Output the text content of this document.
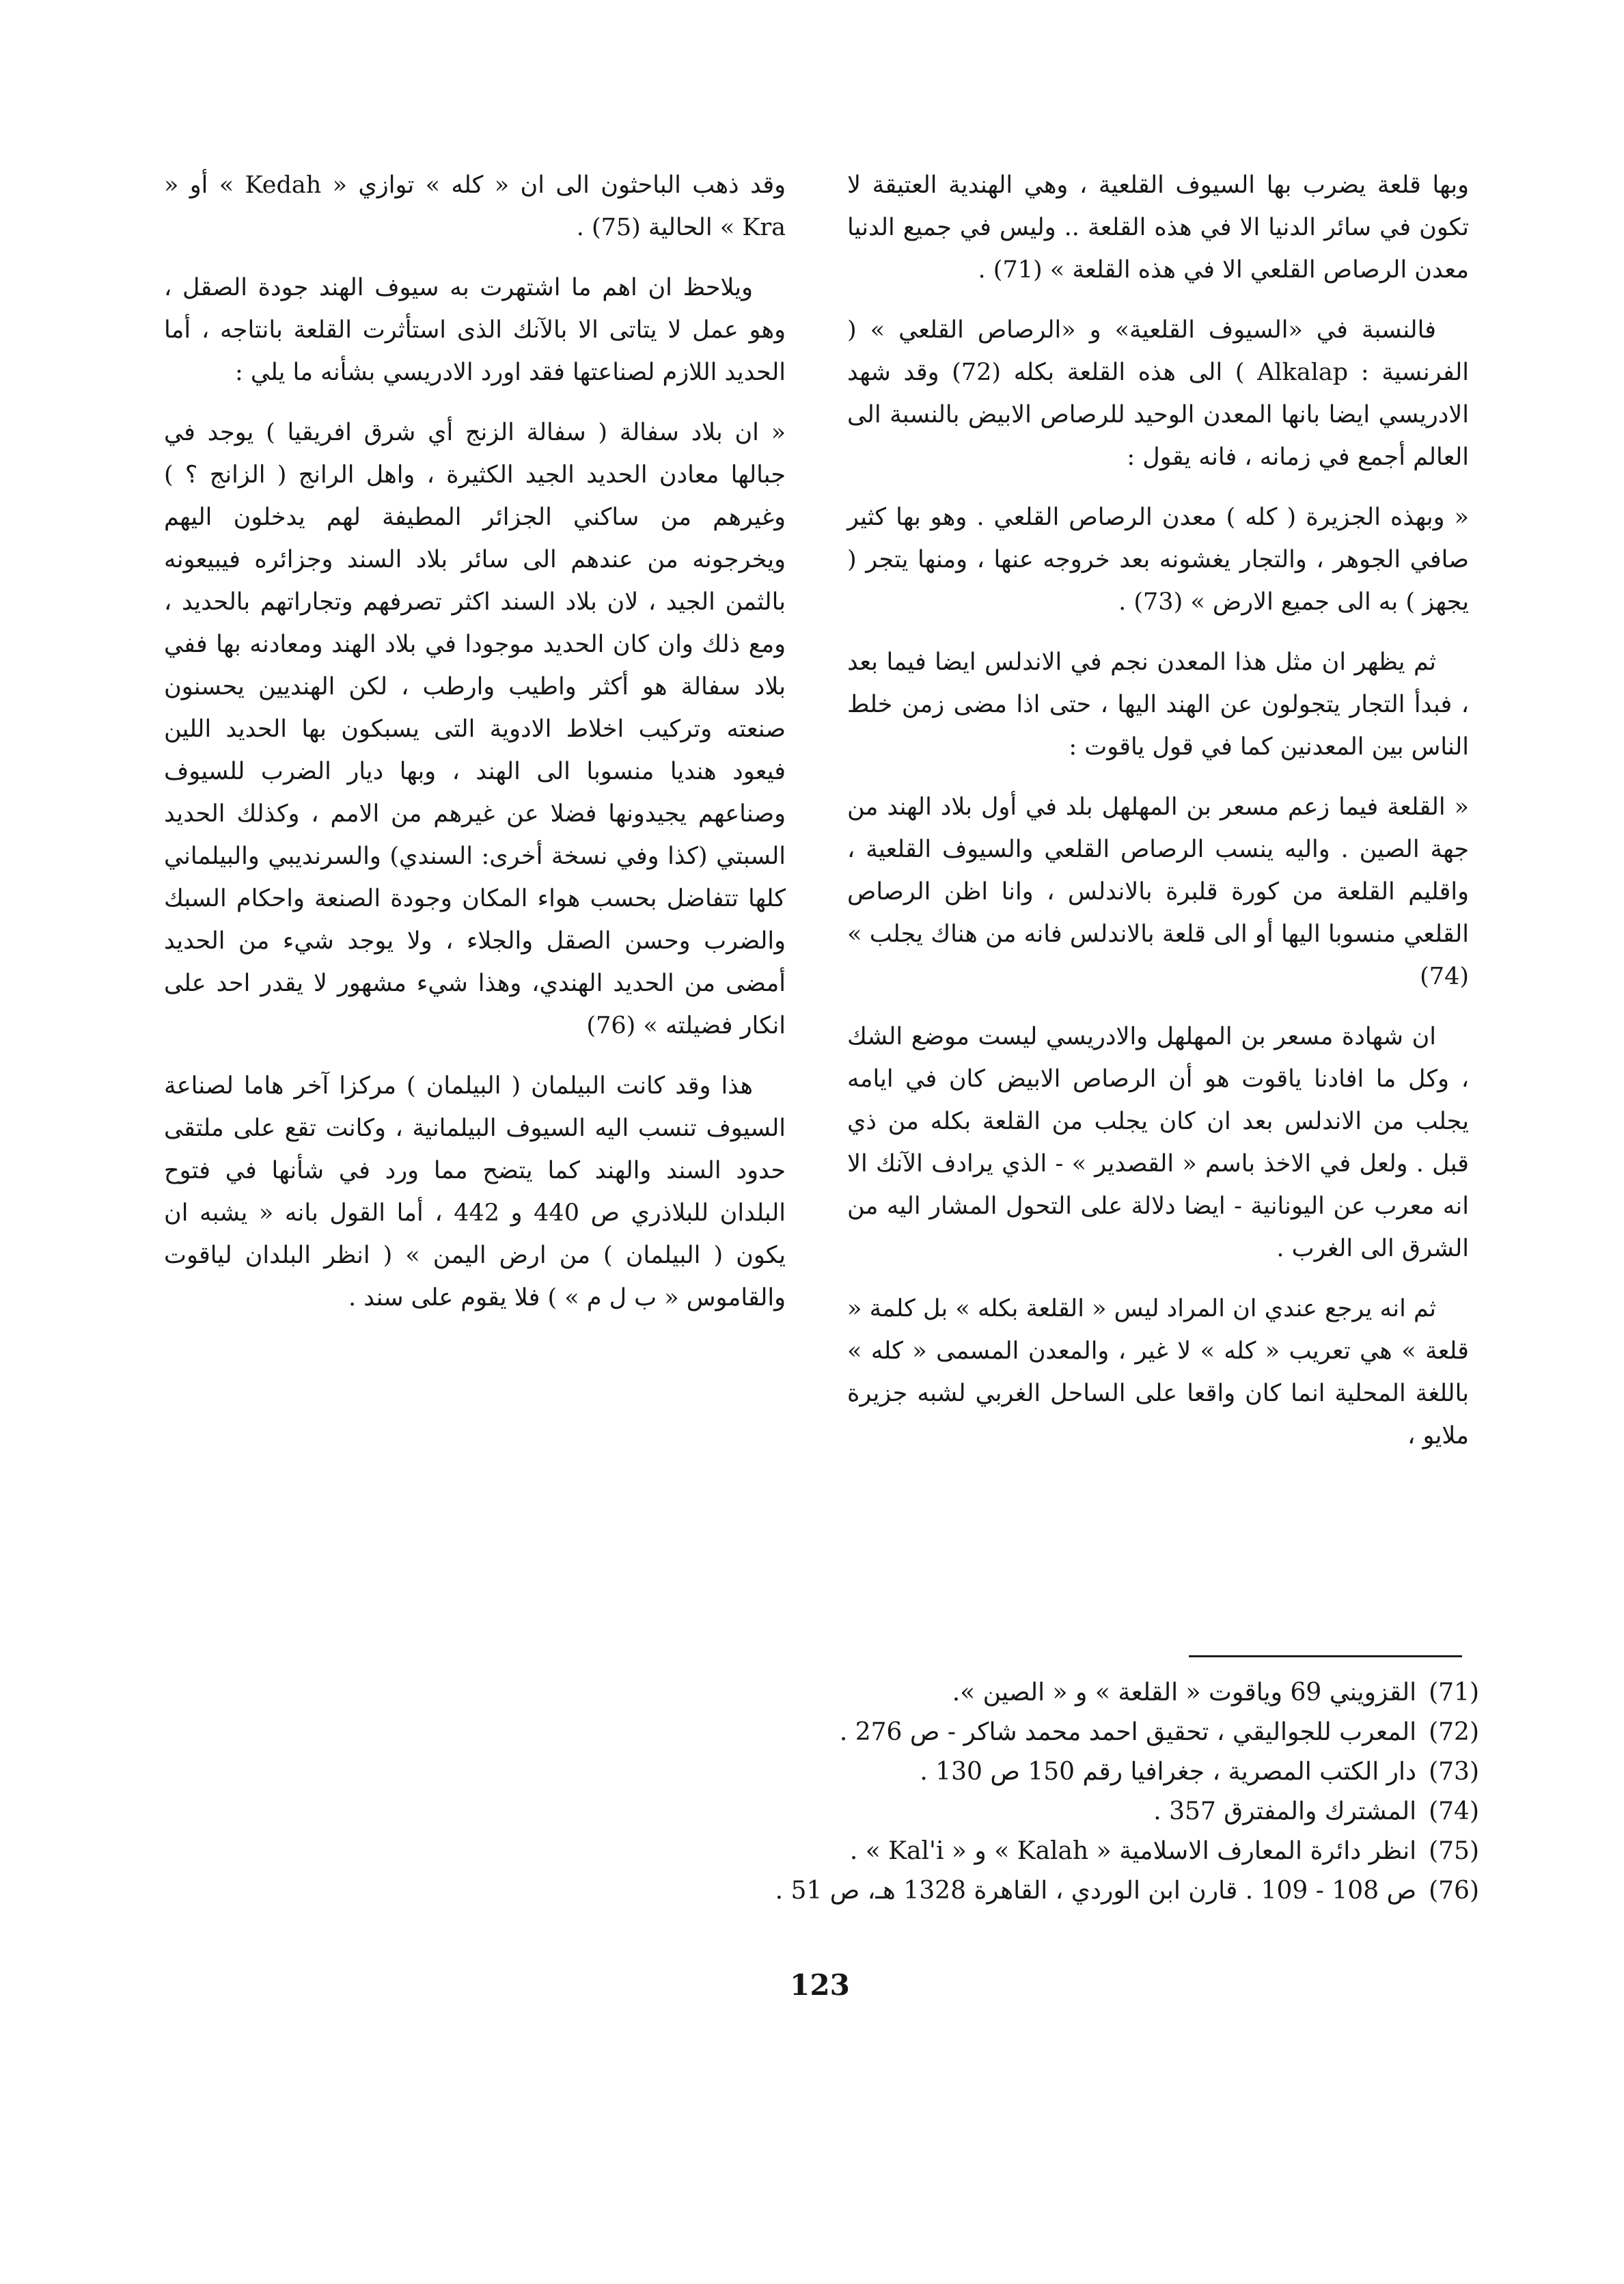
وبها قلعة يضرب بها السيوف القلعية ، وهي الهندية العتيقة لا تكون في سائر الدنيا الا في هذه القلعة .. وليس في جميع الدنيا معدن الرصاص القلعي الا في هذه القلعة » (71) .

فالنسبة في «السيوف القلعية» و «الرصاص القلعي » ( الفرنسية : Alkalap ) الى هذه القلعة بكله (72) وقد شهد الادريسي ايضا بانها المعدن الوحيد للرصاص الابيض بالنسبة الى العالم أجمع في زمانه ، فانه يقول :

« وبهذه الجزيرة ( كله ) معدن الرصاص القلعي . وهو بها كثير صافي الجوهر ، والتجار يغشونه بعد خروجه عنها ، ومنها يتجر ( يجهز ) به الى جميع الارض » (73) .

ثم يظهر ان مثل هذا المعدن نجم في الاندلس ايضا فيما بعد ، فبدأ التجار يتجولون عن الهند اليها ، حتى اذا مضى زمن خلط الناس بين المعدنين كما في قول ياقوت :

« القلعة فيما زعم مسعر بن المهلهل بلد في أول بلاد الهند من جهة الصين . واليه ينسب الرصاص القلعي والسيوف القلعية ، واقليم القلعة من كورة قلبرة بالاندلس ، وانا اظن الرصاص القلعي منسوبا اليها أو الى قلعة بالاندلس فانه من هناك يجلب » (74)

ان شهادة مسعر بن المهلهل والادريسي ليست موضع الشك ، وكل ما افادنا ياقوت هو أن الرصاص الابيض كان في ايامه يجلب من الاندلس بعد ان كان يجلب من القلعة بكله من ذي قبل . ولعل في الاخذ باسم « القصدير » - الذي يرادف الآنك الا انه معرب عن اليونانية - ايضا دلالة على التحول المشار اليه من الشرق الى الغرب .

ثم انه يرجع عندي ان المراد ليس « القلعة بكله » بل كلمة « قلعة » هي تعريب « كله » لا غير ، والمعدن المسمى « كله » باللغة المحلية انما كان واقعا على الساحل الغربي لشبه جزيرة ملايو ،

وقد ذهب الباحثون الى ان « كله » توازي « Kedah » أو « Kra » الحالية (75) .

ويلاحظ ان اهم ما اشتهرت به سيوف الهند جودة الصقل ، وهو عمل لا يتاتى الا بالآنك الذى استأثرت القلعة بانتاجه ، أما الحديد اللازم لصناعتها فقد اورد الادريسي بشأنه ما يلي :

« ان بلاد سفالة ( سفالة الزنج أي شرق افريقيا ) يوجد في جبالها معادن الحديد الجيد الكثيرة ، واهل الرانج ( الزانج ؟ ) وغيرهم من ساكني الجزائر المطيفة لهم يدخلون اليهم ويخرجونه من عندهم الى سائر بلاد السند وجزائره فيبيعونه بالثمن الجيد ، لان بلاد السند اكثر تصرفهم وتجاراتهم بالحديد ، ومع ذلك وان كان الحديد موجودا في بلاد الهند ومعادنه بها ففي بلاد سفالة هو أكثر واطيب وارطب ، لكن الهنديين يحسنون صنعته وتركيب اخلاط الادوية التى يسبكون بها الحديد اللين فيعود هنديا منسوبا الى الهند ، وبها ديار الضرب للسيوف وصناعهم يجيدونها فضلا عن غيرهم من الامم ، وكذلك الحديد السبتي (كذا وفي نسخة أخرى: السندي) والسرنديبي والبيلماني كلها تتفاضل بحسب هواء المكان وجودة الصنعة واحكام السبك والضرب وحسن الصقل والجلاء ، ولا يوجد شيء من الحديد أمضى من الحديد الهندي، وهذا شيء مشهور لا يقدر احد على انكار فضيلته » (76)

هذا وقد كانت البيلمان ( البيلمان ) مركزا آخر هاما لصناعة السيوف تنسب اليه السيوف البيلمانية ، وكانت تقع على ملتقى حدود السند والهند كما يتضح مما ورد في شأنها في فتوح البلدان للبلاذري ص 440 و 442 ، أما القول بانه « يشبه ان يكون ( البيلمان ) من ارض اليمن » ( انظر البلدان لياقوت والقاموس « ب ل م » ) فلا يقوم على سند .

(71)
القزويني 69 وياقوت « القلعة » و « الصين ».
(72)
المعرب للجواليقي ، تحقيق احمد محمد شاكر - ص 276 .
(73)
دار الكتب المصرية ، جغرافيا رقم 150 ص 130 .
(74)
المشترك والمفترق 357 .
(75)
انظر دائرة المعارف الاسلامية « Kalah » و « Kal'i » .
(76)
ص 108 - 109 . قارن ابن الوردي ، القاهرة 1328 هـ، ص 51 .
123
